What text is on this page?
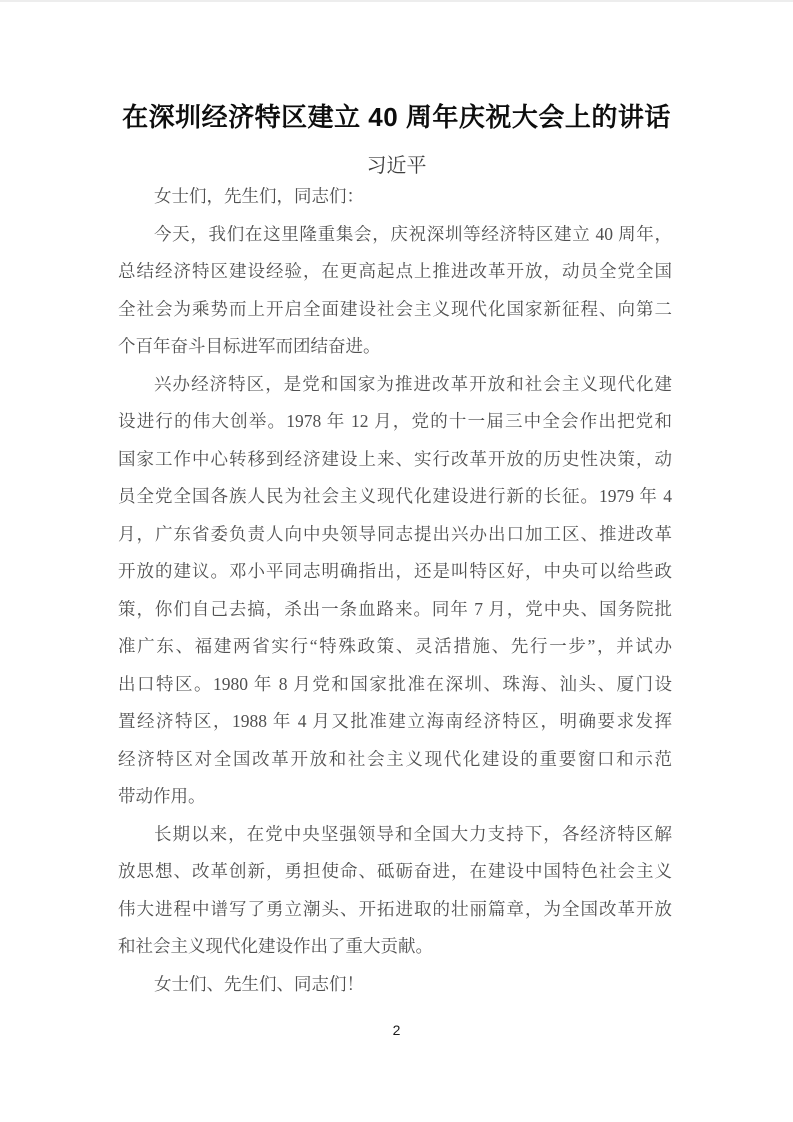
在深圳经济特区建立 40 周年庆祝大会上的讲话
习近平
女士们，先生们，同志们：
今天，我们在这里隆重集会，庆祝深圳等经济特区建立 40 周年，
总结经济特区建设经验，在更高起点上推进改革开放，动员全党全国
全社会为乘势而上开启全面建设社会主义现代化国家新征程、向第二
个百年奋斗目标进军而团结奋进。
兴办经济特区，是党和国家为推进改革开放和社会主义现代化建
设进行的伟大创举。1978 年 12 月，党的十一届三中全会作出把党和
国家工作中心转移到经济建设上来、实行改革开放的历史性决策，动
员全党全国各族人民为社会主义现代化建设进行新的长征。1979 年 4
月，广东省委负责人向中央领导同志提出兴办出口加工区、推进改革
开放的建议。邓小平同志明确指出，还是叫特区好，中央可以给些政
策，你们自己去搞，杀出一条血路来。同年 7 月，党中央、国务院批
准广东、福建两省实行“特殊政策、灵活措施、先行一步”，并试办
出口特区。1980 年 8 月党和国家批准在深圳、珠海、汕头、厦门设
置经济特区，1988 年 4 月又批准建立海南经济特区，明确要求发挥
经济特区对全国改革开放和社会主义现代化建设的重要窗口和示范
带动作用。
长期以来，在党中央坚强领导和全国大力支持下，各经济特区解
放思想、改革创新，勇担使命、砥砺奋进，在建设中国特色社会主义
伟大进程中谱写了勇立潮头、开拓进取的壮丽篇章，为全国改革开放
和社会主义现代化建设作出了重大贡献。
女士们、先生们、同志们！
2
